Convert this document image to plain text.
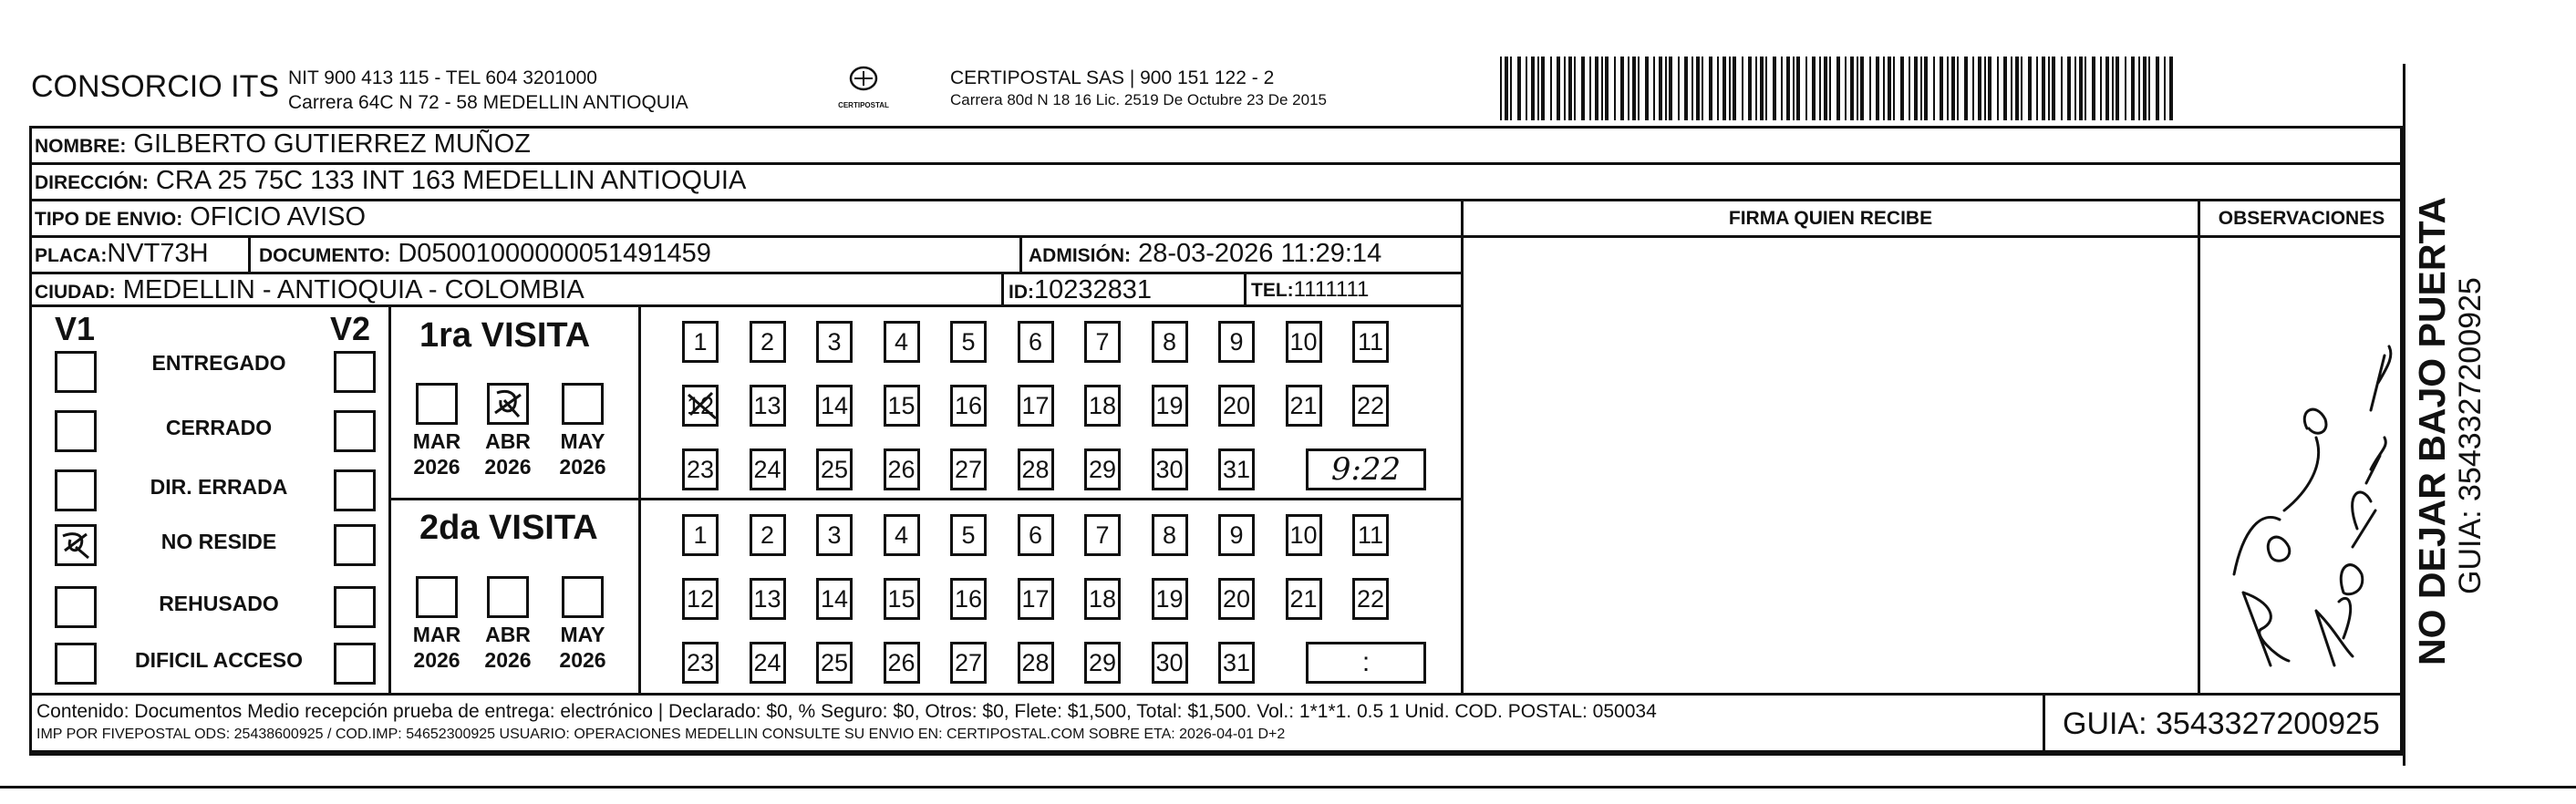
CONSORCIO ITS NIT 900 413 115 - TEL 604 3201000
Carrera 64C N 72 - 58 MEDELLIN ANTIOQUIA	CERTIPOSTAL
CERTIPOSTAL SAS | 900 151 122 - 2
Carrera 80d N 18 16 Lic. 2519 De Octubre 23 De 2015
NOMBRE: GILBERTO GUTIERREZ MUÑOZ
DIRECCIÓN: CRA 25 75C 133 INT 163 MEDELLIN ANTIOQUIA
TIPO DE ENVIO: OFICIO AVISO	FIRMA QUIEN RECIBE	OBSERVACIONES
PLACA:NVT73H	DOCUMENTO: D05001000000051491459	ADMISIÓN: 28-03-2026 11:29:14
CIUDAD: MEDELLIN - ANTIOQUIA - COLOMBIA	ID:10232831	TEL:1111111
V1	V2
ENTREGADO
CERRADO
DIR. ERRADA
NO RESIDE
REHUSADO
DIFICIL ACCESO
1ra VISITA
2da VISITA
MAR
2026
ABR
2026
MAY
2026
1	2	3	4	5	6	7	8	9	10 11
12 13 14 15 16 17 18 19 20 21 22
23 24 25 26 27 28 29 30 31	9:22
MAR
2026
ABR
2026
MAY
2026
1	2	3	4	5	6	7	8	9	10 11
12 13 14 15 16 17 18 19 20 21 22
23 24 25 26 27 28 29 30 31	:
Contenido: Documentos Medio recepción prueba de entrega: electrónico | Declarado: $0, % Seguro: $0, Otros: $0, Flete: $1,500, Total: $1,500. Vol.: 1*1*1. 0.5 1 Unid. COD. POSTAL: 050034
IMP POR FIVEPOSTAL ODS: 25438600925 / COD.IMP: 54652300925 USUARIO: OPERACIONES MEDELLIN CONSULTE SU ENVIO EN: CERTIPOSTAL.COM SOBRE ETA: 2026-04-01 D+2	GUIA: 3543327200925
NO DEJAR BAJO PUERTA GUIA: 3543327200925
